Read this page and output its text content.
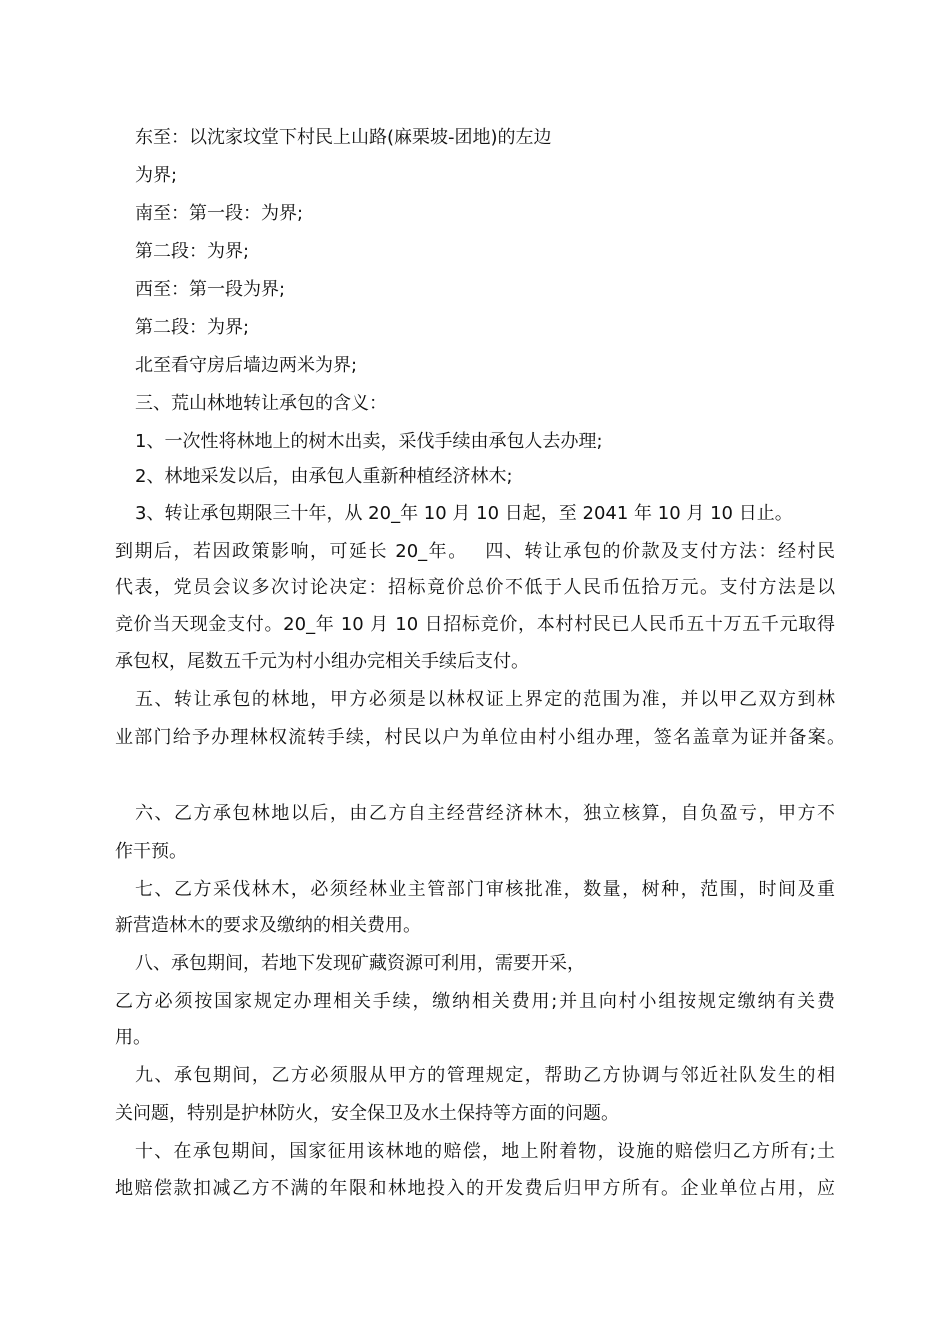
东至：以沈家坟堂下村民上山路(麻栗坡-团地)的左边
为界;
南至：第一段：为界;
第二段：为界;
西至：第一段为界;
第二段：为界;
北至看守房后墙边两米为界;
三、荒山林地转让承包的含义：
1、一次性将林地上的树木出卖，采伐手续由承包人去办理;
2、林地采发以后，由承包人重新种植经济林木;
3、转让承包期限三十年，从 20_年 10 月 10 日起，至 2041 年 10 月 10 日止。
到期后，若因政策影响，可延长 20_年。　 四、转让承包的价款及支付方法：经村民
代表，党员会议多次讨论决定：招标竟价总价不低于人民币伍拾万元。支付方法是以
竞价当天现金支付。20_年 10 月 10 日招标竞价，本村村民已人民币五十万五千元取得
承包权，尾数五千元为村小组办完相关手续后支付。
五、转让承包的林地，甲方必须是以林权证上界定的范围为准，并以甲乙双方到林
业部门给予办理林权流转手续，村民以户为单位由村小组办理，签名盖章为证并备案。
六、乙方承包林地以后，由乙方自主经营经济林木，独立核算，自负盈亏，甲方不
作干预。
七、乙方采伐林木，必须经林业主管部门审核批准，数量，树种，范围，时间及重
新营造林木的要求及缴纳的相关费用。
八、承包期间，若地下发现矿藏资源可利用，需要开采，
乙方必须按国家规定办理相关手续，缴纳相关费用;并且向村小组按规定缴纳有关费
用。
九、承包期间，乙方必须服从甲方的管理规定，帮助乙方协调与邻近社队发生的相
关问题，特别是护林防火，安全保卫及水土保持等方面的问题。
十、在承包期间，国家征用该林地的赔偿，地上附着物，设施的赔偿归乙方所有;土
地赔偿款扣减乙方不满的年限和林地投入的开发费后归甲方所有。企业单位占用，应
